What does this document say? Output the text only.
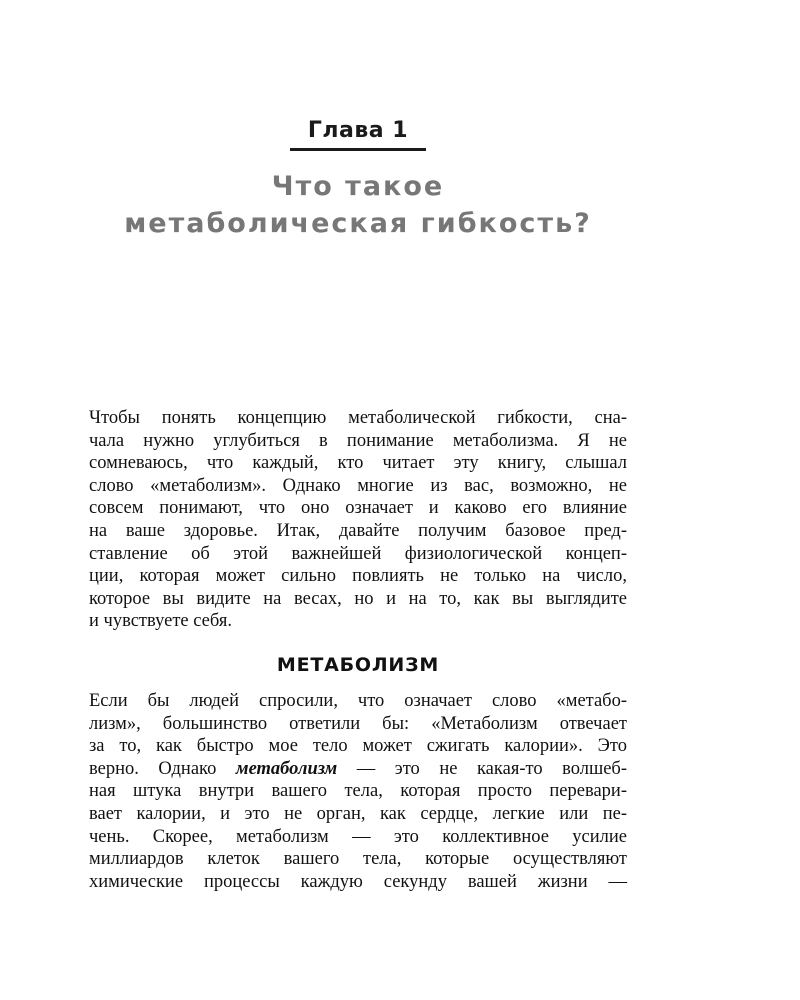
Глава 1
Что такое
метаболическая гибкость?
Чтобы понять концепцию метаболической гибкости, сна-
чала нужно углубиться в понимание метаболизма. Я не
сомневаюсь, что каждый, кто читает эту книгу, слышал
слово «метаболизм». Однако многие из вас, возможно, не
совсем понимают, что оно означает и каково его влияние
на ваше здоровье. Итак, давайте получим базовое пред-
ставление об этой важнейшей физиологической концеп-
ции, которая может сильно повлиять не только на число,
которое вы видите на весах, но и на то, как вы выглядите
и чувствуете себя.
МЕТАБОЛИЗМ
Если бы людей спросили, что означает слово «метабо-
лизм», большинство ответили бы: «Метаболизм отвечает
за то, как быстро мое тело может сжигать калории». Это
верно. Однако метаболизм — это не какая-то волшеб-
ная штука внутри вашего тела, которая просто перевари-
вает калории, и это не орган, как сердце, легкие или пе-
чень. Скорее, метаболизм — это коллективное усилие
миллиардов клеток вашего тела, которые осуществляют
химические процессы каждую секунду вашей жизни —
